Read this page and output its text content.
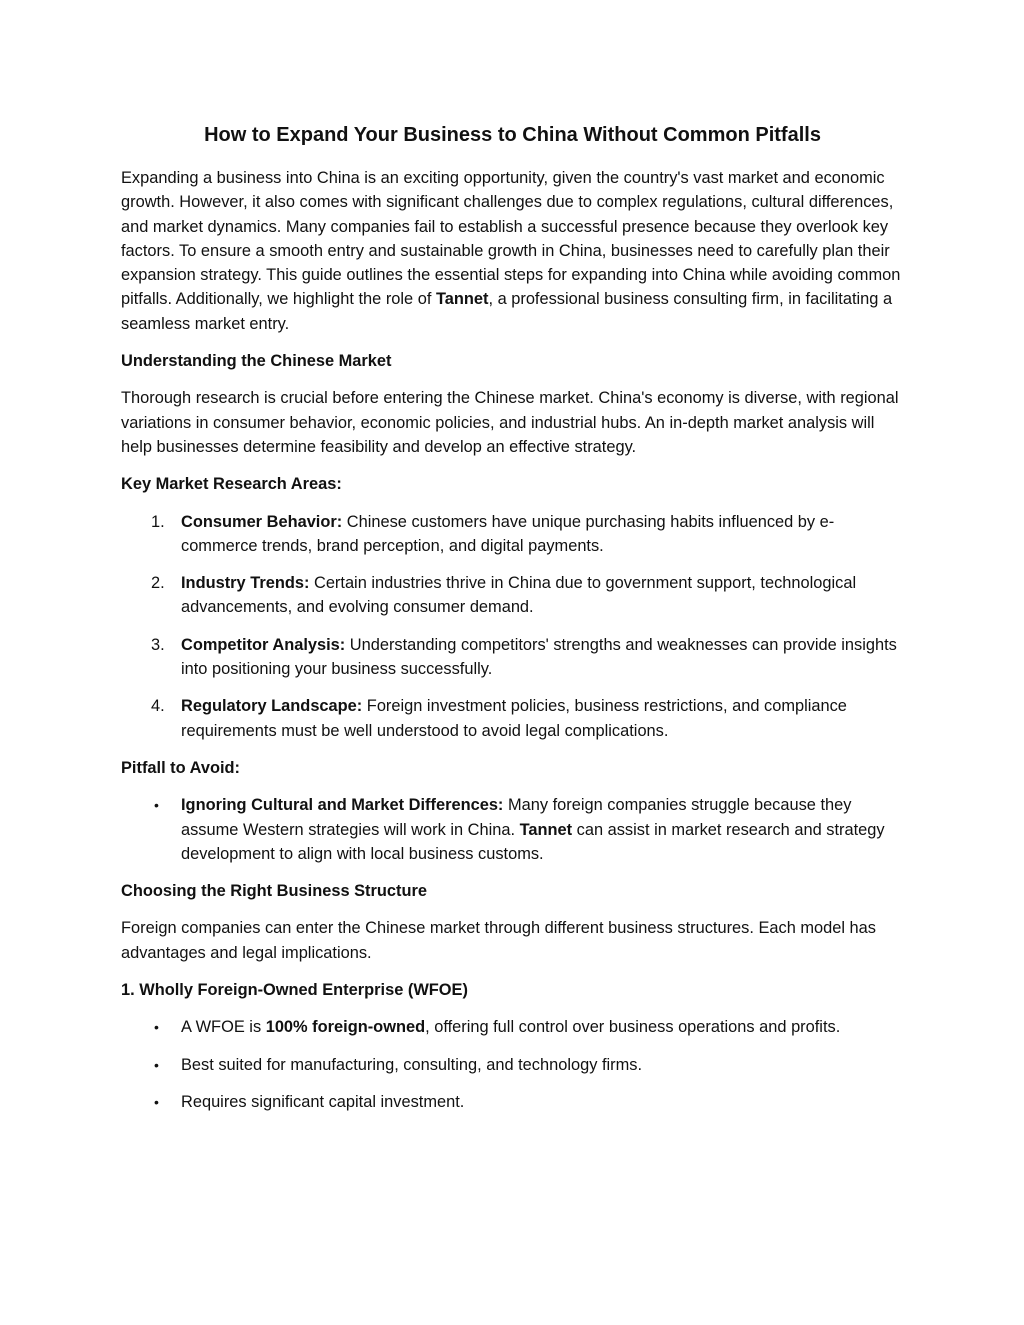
How to Expand Your Business to China Without Common Pitfalls

Expanding a business into China is an exciting opportunity, given the country's vast market and economic growth. However, it also comes with significant challenges due to complex regulations, cultural differences, and market dynamics. Many companies fail to establish a successful presence because they overlook key factors. To ensure a smooth entry and sustainable growth in China, businesses need to carefully plan their expansion strategy. This guide outlines the essential steps for expanding into China while avoiding common pitfalls. Additionally, we highlight the role of Tannet, a professional business consulting firm, in facilitating a seamless market entry.

Understanding the Chinese Market

Thorough research is crucial before entering the Chinese market. China's economy is diverse, with regional variations in consumer behavior, economic policies, and industrial hubs. An in-depth market analysis will help businesses determine feasibility and develop an effective strategy.

Key Market Research Areas:

1. Consumer Behavior: Chinese customers have unique purchasing habits influenced by e-commerce trends, brand perception, and digital payments.
2. Industry Trends: Certain industries thrive in China due to government support, technological advancements, and evolving consumer demand.
3. Competitor Analysis: Understanding competitors' strengths and weaknesses can provide insights into positioning your business successfully.
4. Regulatory Landscape: Foreign investment policies, business restrictions, and compliance requirements must be well understood to avoid legal complications.

Pitfall to Avoid:

• Ignoring Cultural and Market Differences: Many foreign companies struggle because they assume Western strategies will work in China. Tannet can assist in market research and strategy development to align with local business customs.

Choosing the Right Business Structure

Foreign companies can enter the Chinese market through different business structures. Each model has advantages and legal implications.

1. Wholly Foreign-Owned Enterprise (WFOE)

• A WFOE is 100% foreign-owned, offering full control over business operations and profits.
• Best suited for manufacturing, consulting, and technology firms.
• Requires significant capital investment.
